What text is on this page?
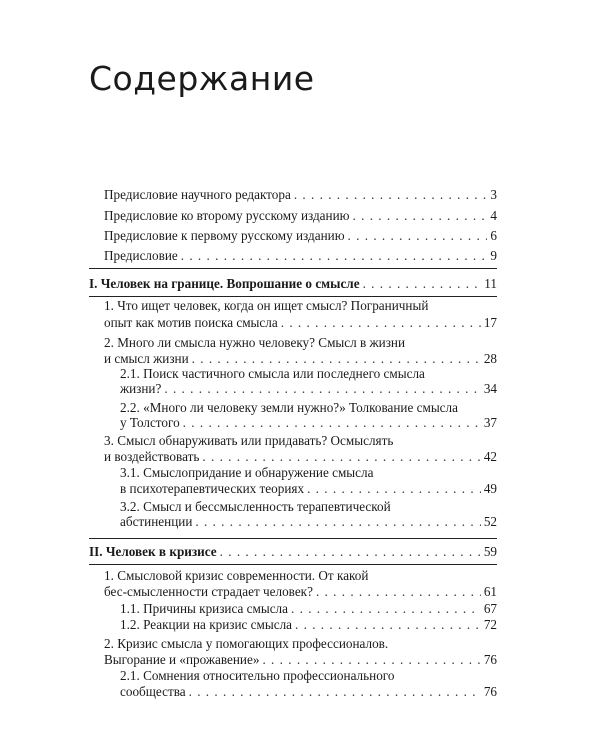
Содержание
Предисловие научного редактора . . .	3
Предисловие ко второму русскому изданию . . .	4
Предисловие к первому русскому изданию . . .	6
Предисловие . . .	9
I. Человек на границе. Вопрошание о смысле . . .	11
1. Что ищет человек, когда он ищет смысл? Пограничный
опыт как мотив поиска смысла . . .	17
2. Много ли смысла нужно человеку? Смысл в жизни
и смысл жизни . . .	28
2.1. Поиск частичного смысла или последнего смысла
жизни? . . .	34
2.2. «Много ли человеку земли нужно?» Толкование смысла
у Толстого . . .	37
3. Смысл обнаруживать или придавать? Осмыслять
и воздействовать . . .	42
3.1. Смыслопридание и обнаружение смысла
в психотерапевтических теориях . . .	49
3.2. Смысл и бессмысленность терапевтической
абстиненции . . .	52
II. Человек в кризисе . . .	59
1. Смысловой кризис современности. От какой
бес-смысленности страдает человек? . . .	61
1.1. Причины кризиса смысла . . .	67
1.2. Реакции на кризис смысла . . .	72
2. Кризис смысла у помогающих профессионалов.
Выгорание и «прожавение» . . .	76
2.1. Сомнения относительно профессионального
сообщества . . .	76
